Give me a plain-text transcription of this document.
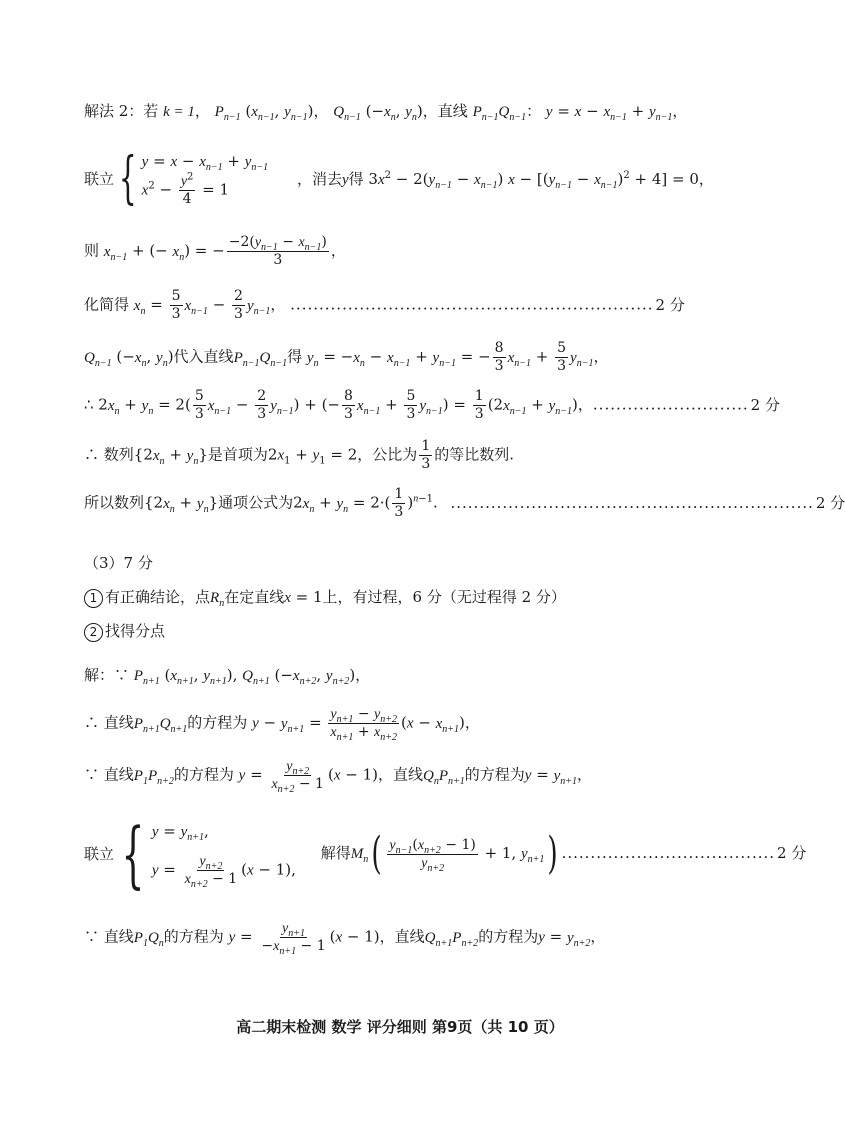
解法 2：若 k = 1， $P_{n-1}$ ($x_{n-1}$, $y_{n-1}$)， $Q_{n-1}$ ($-x_n$, $y_n$)，直线 $P_{n-1}Q_{n-1}$： $y = x - x_{n-1} + y_{n-1}$，
联立{ $y = x - x_{n-1} + y_{n-1}$
$x^2 - \frac{y^2}{4} = 1$
，消去y得 $3x^2 - 2(y_{n-1} - x_{n-1}) x - [(y_{n-1} - x_{n-1})^2 + 4] = 0$，
则 $x_{n-1}$ + (− $x_n$) = − $\frac{-2(y_{n-1} - x_{n-1})}{3}$ ，
化简得 $x_n = \frac{5}{3} x_{n-1} - \frac{2}{3} y_{n-1}$， ............................................................... 2 分
$Q_{n-1}$ ($-x_n$, $y_n$)代入直线$P_{n-1}Q_{n-1}$得 $y_n = -x_n - x_{n-1} + y_{n-1}$ = − $\frac{8}{3} x_{n-1} + \frac{5}{3} y_{n-1}$，
∴ $2x_n + y_n = 2( \frac{5}{3} x_{n-1} - \frac{2}{3} y_{n-1})$ + (− $\frac{8}{3} x_{n-1} + \frac{5}{3} y_{n-1}) = \frac{1}{3} (2x_{n-1} + y_{n-1})$，........................... 2 分
∴ 数列$\{2x_n + y_n\}$是首项为$2x_1 + y_1 = 2$，公比为 $\frac{1}{3}$ 的等比数列.
所以数列$\{2x_n + y_n\}$通项公式为$2x_n + y_n = 2\cdot( \frac{1}{3} )^{n-1}$. ............................................................... 2 分
（3）7 分
1 有正确结论，点$R_n$在定直线x = 1上，有过程，6 分（无过程得 2 分）
2 找得分点
解：∵ $P_{n+1}$ ($x_{n+1}$, $y_{n+1}$), $Q_{n+1}$ ($-x_{n+2}$, $y_{n+2}$)，
∴ 直线$P_{n+1}Q_{n+1}$的方程为 $y - y_{n+1} = \frac{y_{n+1} - y_{n+2}}{x_{n+1} + x_{n+2}} (x - x_{n+1})$，
∵ 直线$P_1P_{n+2}$的方程为 $y = \frac{y_{n+2}}{x_{n+2} - 1} (x - 1)$，直线$Q_nP_{n+1}$的方程为$y = y_{n+1}$，
联立 { $y = y_{n+1}$,
$y = \frac{y_{n+2}}{x_{n+2} - 1} (x - 1)$,
解得$M_n( \frac{y_{n-1}(x_{n+2} - 1)}{y_{n+2}} + 1$, $y_{n+1}$) ..................................... 2 分
∵ 直线$P_1Q_n$的方程为 $y = \frac{y_{n+1}}{-x_{n+1} - 1} (x - 1)$，直线$Q_{n+1}P_{n+2}$的方程为$y = y_{n+2}$，
高二期末检测 数学 评分细则 第9页（共 10 页）
